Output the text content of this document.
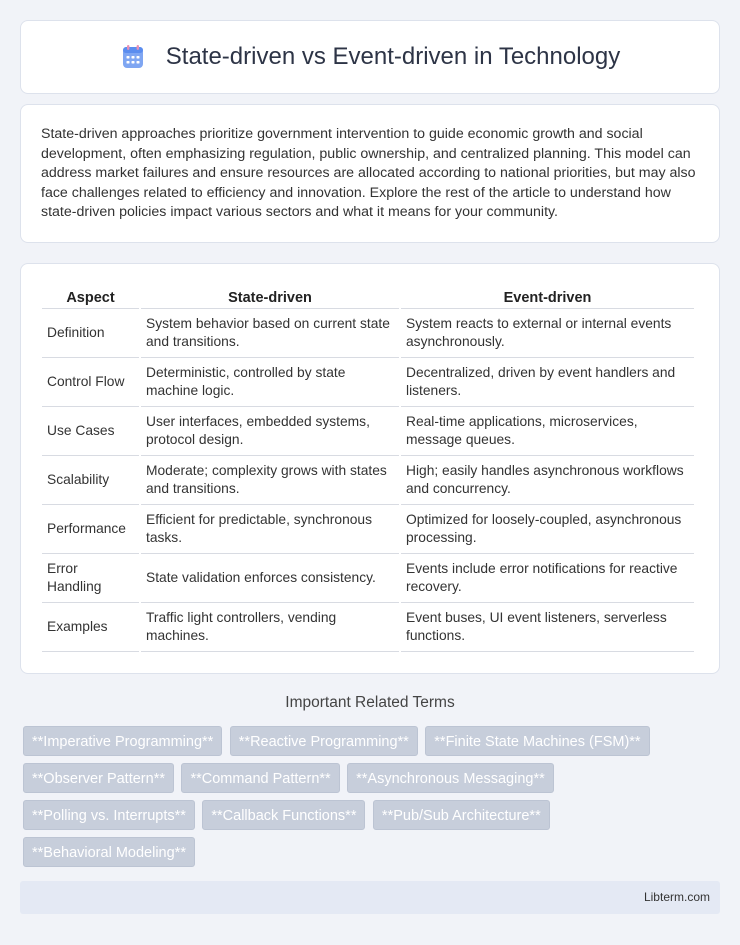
State-driven vs Event-driven in Technology

State-driven approaches prioritize government intervention to guide economic growth and social development, often emphasizing regulation, public ownership, and centralized planning. This model can address market failures and ensure resources are allocated according to national priorities, but may also face challenges related to efficiency and innovation. Explore the rest of the article to understand how state-driven policies impact various sectors and what it means for your community.

Aspect	State-driven	Event-driven
Definition	System behavior based on current state and transitions.	System reacts to external or internal events asynchronously.
Control Flow	Deterministic, controlled by state machine logic.	Decentralized, driven by event handlers and listeners.
Use Cases	User interfaces, embedded systems, protocol design.	Real-time applications, microservices, message queues.
Scalability	Moderate; complexity grows with states and transitions.	High; easily handles asynchronous workflows and concurrency.
Performance	Efficient for predictable, synchronous tasks.	Optimized for loosely-coupled, asynchronous processing.
Error Handling	State validation enforces consistency.	Events include error notifications for reactive recovery.
Examples	Traffic light controllers, vending machines.	Event buses, UI event listeners, serverless functions.
Important Related Terms
**Imperative Programming** **Reactive Programming** **Finite State Machines (FSM)** **Observer Pattern** **Command Pattern** **Asynchronous Messaging** **Polling vs. Interrupts** **Callback Functions** **Pub/Sub Architecture** **Behavioral Modeling**
Libterm.com
